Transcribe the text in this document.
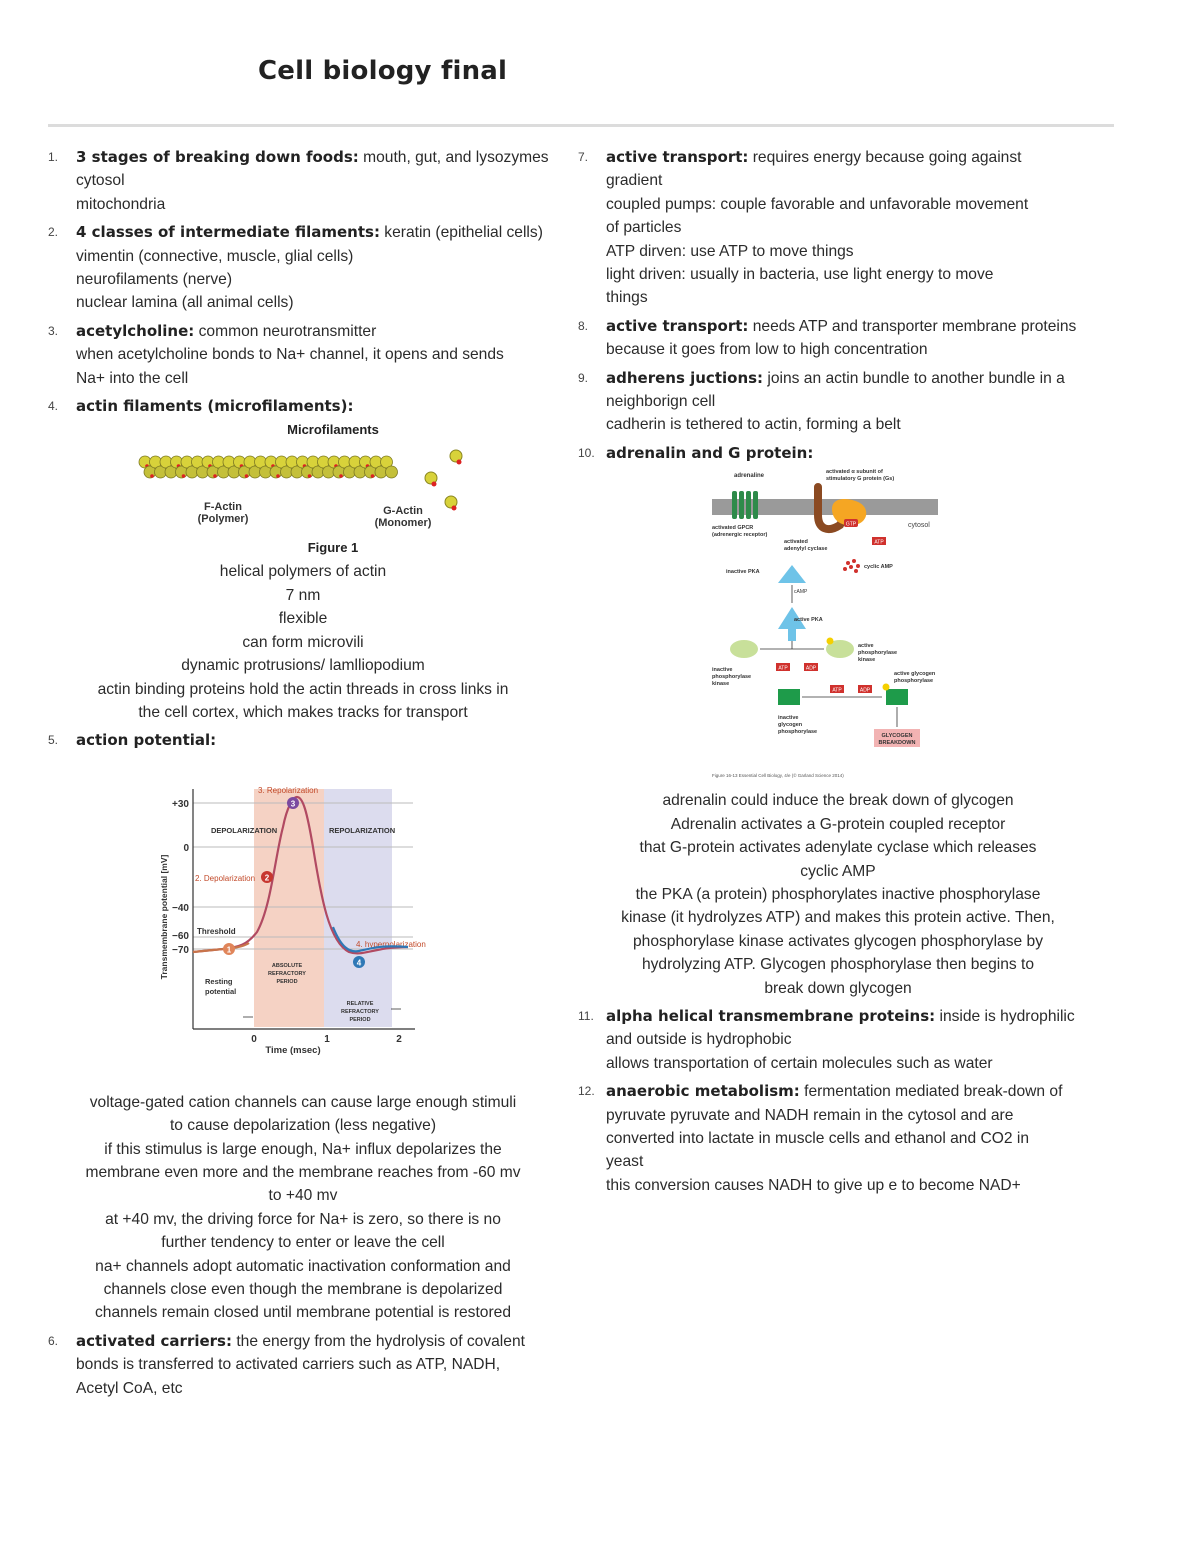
Cell biology final
1. 3 stages of breaking down foods: mouth, gut, and lysozymes
cytosol
mitochondria
2. 4 classes of intermediate filaments: keratin (epithelial cells)
vimentin (connective, muscle, glial cells)
neurofilaments (nerve)
nuclear lamina (all animal cells)
3. acetylcholine: common neurotransmitter
when acetylcholine bonds to Na+ channel, it opens and sends
Na+ into the cell
4. actin filaments (microfilaments):
Microfilaments
F-Actin
(Polymer)
G-Actin
(Monomer)
Figure 1
helical polymers of actin
7 nm
flexible
can form microvili
dynamic protrusions/ lamlliopodium
actin binding proteins hold the actin threads in cross links in
the cell cortex, which makes tracks for transport
5. action potential:
+30
0
−40
−60
−70
0	1	2
Time (msec)
Transmembrane potential [mV]
DEPOLARIZATION	REPOLARIZATION
3. Repolarization
2. Depolarization
4. hyperpolarization
Threshold
Resting
potential
ABSOLUTE
REFRACTORY
PERIOD
RELATIVE
REFRACTORY
PERIOD
1
2
3
4
voltage-gated cation channels can cause large enough stimuli
to cause depolarization (less negative)
if this stimulus is large enough, Na+ influx depolarizes the
membrane even more and the membrane reaches from -60 mv
to +40 mv
at +40 mv, the driving force for Na+ is zero, so there is no
further tendency to enter or leave the cell
na+ channels adopt automatic inactivation conformation and
channels close even though the membrane is depolarized
channels remain closed until membrane potential is restored
6. activated carriers: the energy from the hydrolysis of covalent
bonds is transferred to activated carriers such as ATP, NADH,
Acetyl CoA, etc
7. active transport: requires energy because going against
gradient
coupled pumps: couple favorable and unfavorable movement
of particles
ATP dirven: use ATP to move things
light driven: usually in bacteria, use light energy to move
things
8. active transport: needs ATP and transporter membrane proteins
because it goes from low to high concentration
9. adherens juctions: joins an actin bundle to another bundle in a
neighborign cell
cadherin is tethered to actin, forming a belt
10. adrenalin and G protein:
cytosol
adrenaline
activated GPCR
(adrenergic receptor)
GTP
activated α subunit of
stimulatory G protein (Gs)
activated
adenylyl cyclase
ATP
cyclic AMP
inactive PKA
cAMP
active PKA
inactive
phosphorylase
kinase
active
phosphorylase
kinase
ATP	ADP
inactive
glycogen
phosphorylase
ATP	ADP
active glycogen
phosphorylase
GLYCOGEN
BREAKDOWN
Figure 16-13 Essential Cell Biology, 4/e (© Garland Science 2014)
adrenalin could induce the break down of glycogen
Adrenalin activates a G-protein coupled receptor
that G-protein activates adenylate cyclase which releases
cyclic AMP
the PKA (a protein) phosphorylates inactive phosphorylase
kinase (it hydrolyzes ATP) and makes this protein active. Then,
phosphorylase kinase activates glycogen phosphorylase by
hydrolyzing ATP. Glycogen phosphorylase then begins to
break down glycogen
11. alpha helical transmembrane proteins: inside is hydrophilic
and outside is hydrophobic
allows transportation of certain molecules such as water
12. anaerobic metabolism: fermentation mediated break-down of
pyruvate pyruvate and NADH remain in the cytosol and are
converted into lactate in muscle cells and ethanol and CO2 in
yeast
this conversion causes NADH to give up e to become NAD+
